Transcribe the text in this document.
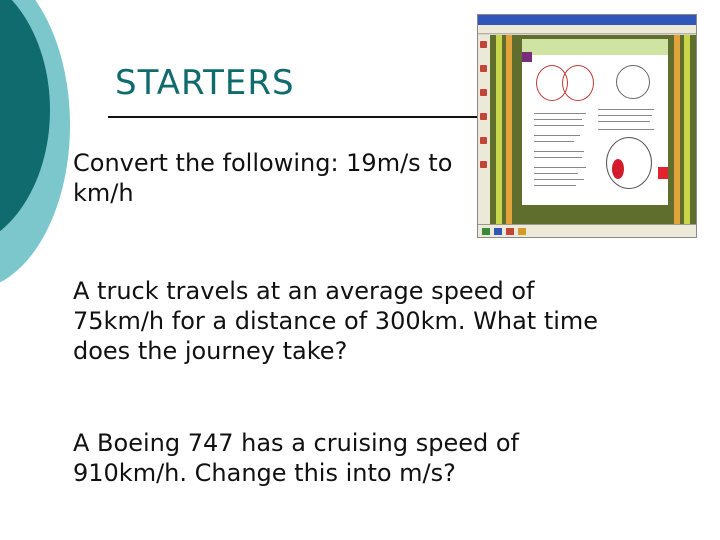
STARTERS

Convert the following: 19m/s to km/h

A truck travels at an average speed of 75km/h for a distance of 300km. What time does the journey take?

A Boeing 747 has a cruising speed of 910km/h. Change this into m/s?
